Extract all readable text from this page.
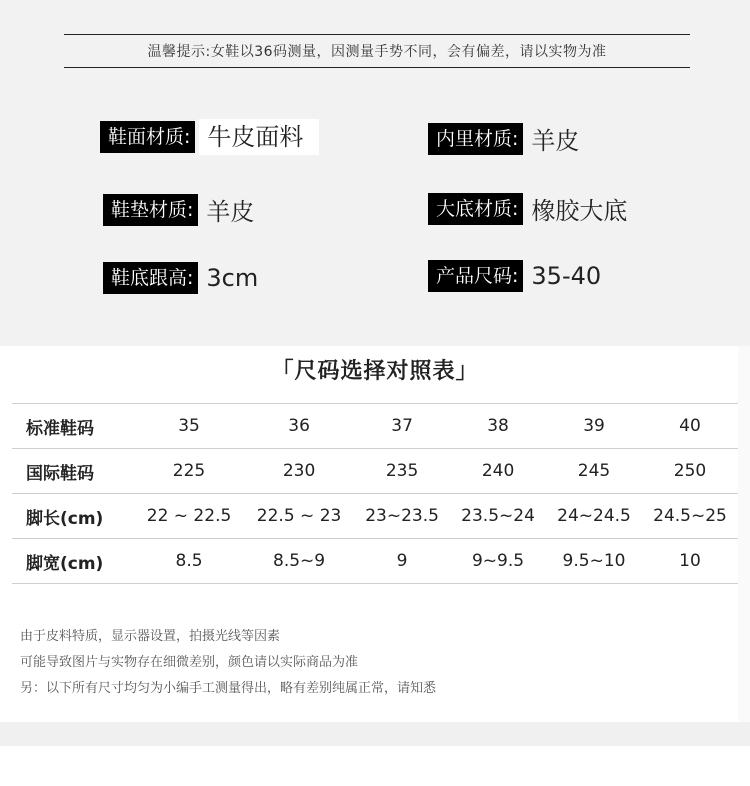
温馨提示:女鞋以36码测量，因测量手势不同，会有偏差，请以实物为准
鞋面材质: 牛皮面料	内里材质: 羊皮
鞋垫材质: 羊皮	大底材质: 橡胶大底
鞋底跟高: 3cm	产品尺码: 35-40
「尺码选择对照表」
标准鞋码	35	36	37	38	39	40
国际鞋码	225	230	235	240	245	250
脚长(cm)	22 ~ 22.5	22.5 ~ 23	23~23.5	23.5~24	24~24.5	24.5~25
脚宽(cm)	8.5	8.5~9	9	9~9.5	9.5~10	10
由于皮料特质，显示器设置，拍摄光线等因素
可能导致图片与实物存在细微差别，颜色请以实际商品为准
另：以下所有尺寸均匀为小编手工测量得出，略有差别纯属正常，请知悉
